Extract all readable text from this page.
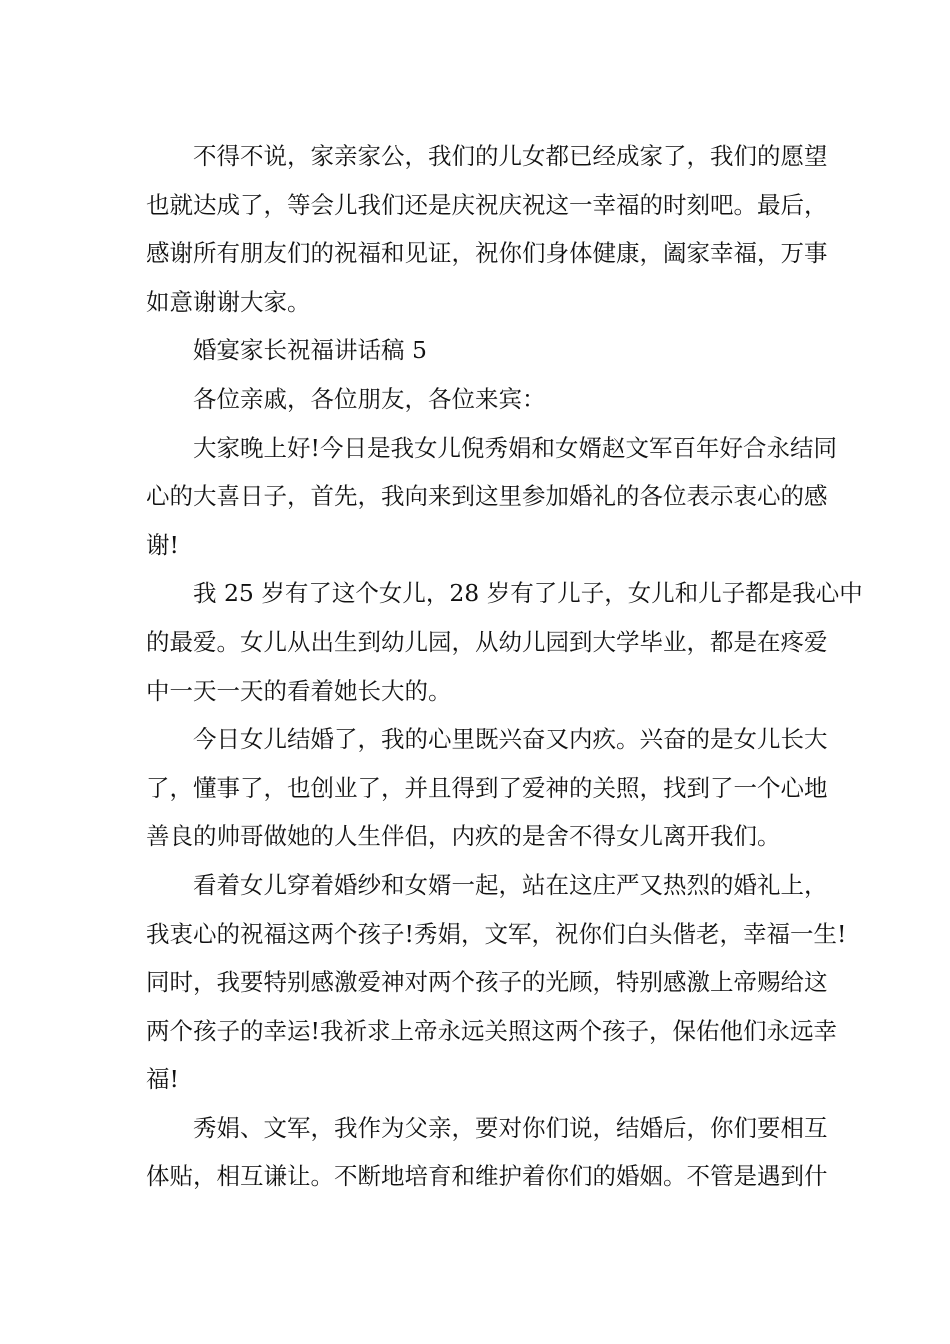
不得不说，家亲家公，我们的儿女都已经成家了，我们的愿望
也就达成了，等会儿我们还是庆祝庆祝这一幸福的时刻吧。最后，
感谢所有朋友们的祝福和见证，祝你们身体健康，阖家幸福，万事
如意谢谢大家。
婚宴家长祝福讲话稿 5
各位亲戚，各位朋友，各位来宾：
大家晚上好!今日是我女儿倪秀娟和女婿赵文军百年好合永结同
心的大喜日子，首先，我向来到这里参加婚礼的各位表示衷心的感
谢!
我 25 岁有了这个女儿，28 岁有了儿子，女儿和儿子都是我心中
的最爱。女儿从出生到幼儿园，从幼儿园到大学毕业，都是在疼爱
中一天一天的看着她长大的。
今日女儿结婚了，我的心里既兴奋又内疚。兴奋的是女儿长大
了，懂事了，也创业了，并且得到了爱神的关照，找到了一个心地
善良的帅哥做她的人生伴侣，内疚的是舍不得女儿离开我们。
看着女儿穿着婚纱和女婿一起，站在这庄严又热烈的婚礼上，
我衷心的祝福这两个孩子!秀娟，文军，祝你们白头偕老，幸福一生!
同时，我要特别感激爱神对两个孩子的光顾，特别感激上帝赐给这
两个孩子的幸运!我祈求上帝永远关照这两个孩子，保佑他们永远幸
福!
秀娟、文军，我作为父亲，要对你们说，结婚后，你们要相互
体贴，相互谦让。不断地培育和维护着你们的婚姻。不管是遇到什
